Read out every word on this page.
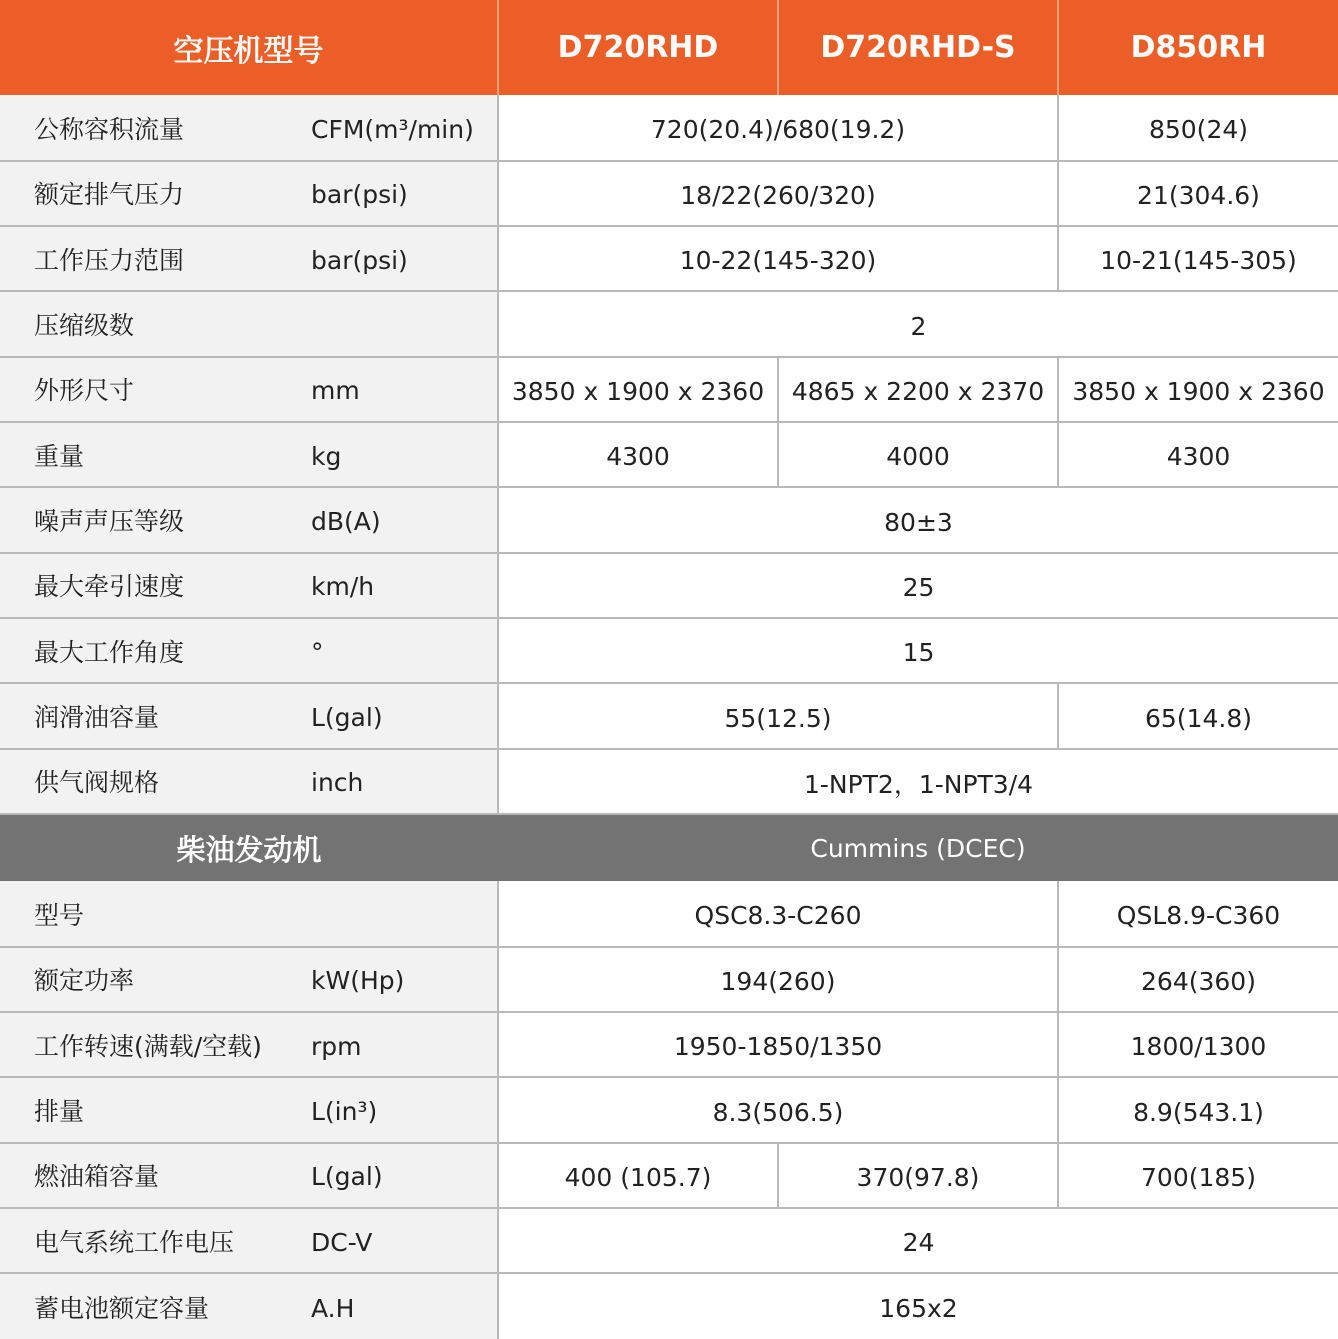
空压机型号	D720RHD	D720RHD-S	D850RH
公称容积流量 CFM(m³/min)	720(20.4)/680(19.2)		850(24)
额定排气压力 bar(psi)	18/22(260/320)		21(304.6)
工作压力范围 bar(psi)	10-22(145-320)		10-21(145-305)
压缩级数	2		
外形尺寸 mm	3850 x 1900 x 2360	4865 x 2200 x 2370	3850 x 1900 x 2360
重量 kg	4300	4000	4300
噪声声压等级 dB(A)	80±3		
最大牵引速度 km/h	25		
最大工作角度 °	15		
润滑油容量 L(gal)	55(12.5)		65(14.8)
供气阀规格 inch	1-NPT2，1-NPT3/4		
柴油发动机	Cummins (DCEC)		
型号	QSC8.3-C260		QSL8.9-C360
额定功率 kW(Hp)	194(260)		264(360)
工作转速(满载/空载) rpm	1950-1850/1350		1800/1300
排量 L(in³)	8.3(506.5)		8.9(543.1)
燃油箱容量 L(gal)	400 (105.7)	370(97.8)	700(185)
电气系统工作电压 DC-V	24		
蓄电池额定容量 A.H	165x2		
